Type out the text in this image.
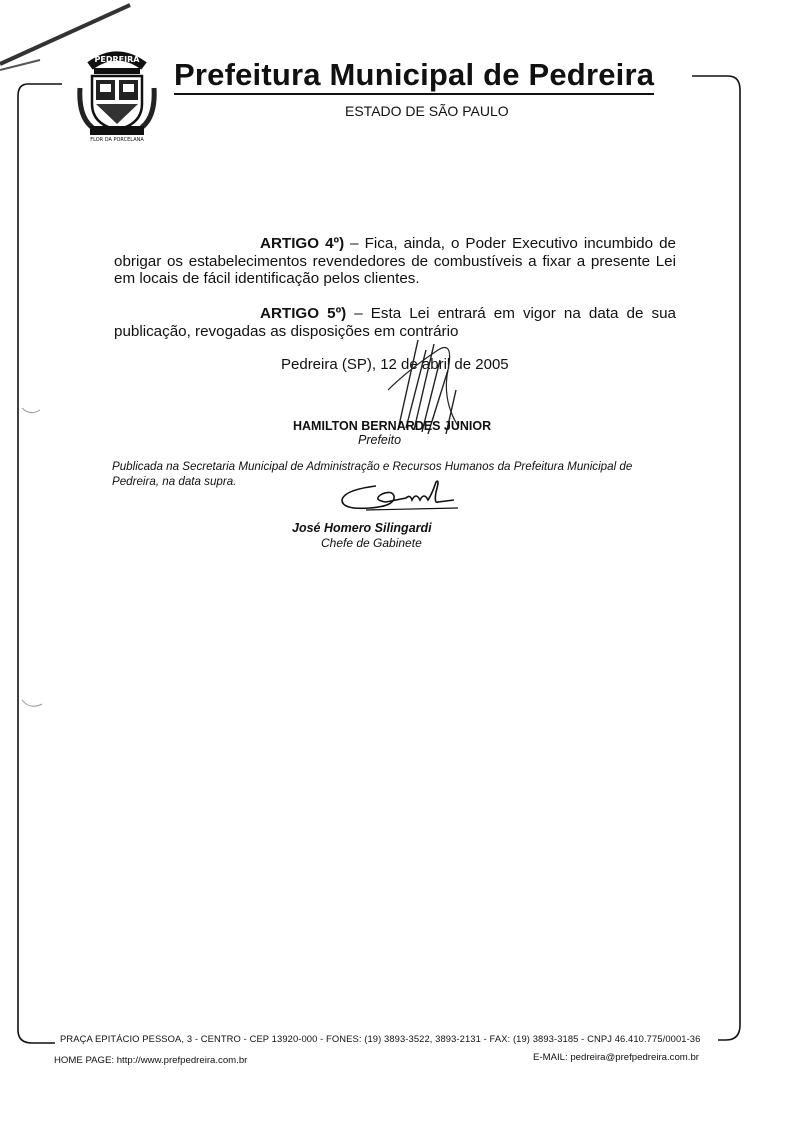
PEDREIRA
FLOR DA PORCELANA
Prefeitura Municipal de Pedreira

ESTADO DE SÃO PAULO

ARTIGO 4º) – Fica, ainda, o Poder Executivo incumbido de obrigar os estabelecimentos revendedores de combustíveis a fixar a presente Lei em locais de fácil identificação pelos clientes.

ARTIGO 5º) – Esta Lei entrará em vigor na data de sua publicação, revogadas as disposições em contrário

Pedreira (SP), 12 de abril de 2005

HAMILTON BERNARDES JUNIOR

Prefeito

Publicada na Secretaria Municipal de Administração e Recursos Humanos da Prefeitura Municipal de Pedreira, na data supra.

José Homero Silingardi

Chefe de Gabinete

PRAÇA EPITÁCIO PESSOA, 3 - CENTRO - CEP 13920-000 - FONES: (19) 3893-3522, 3893-2131 - FAX: (19) 3893-3185 - CNPJ 46.410.775/0001-36

HOME PAGE: http://www.prefpedreira.com.br	E-MAIL: pedreira@prefpedreira.com.br
